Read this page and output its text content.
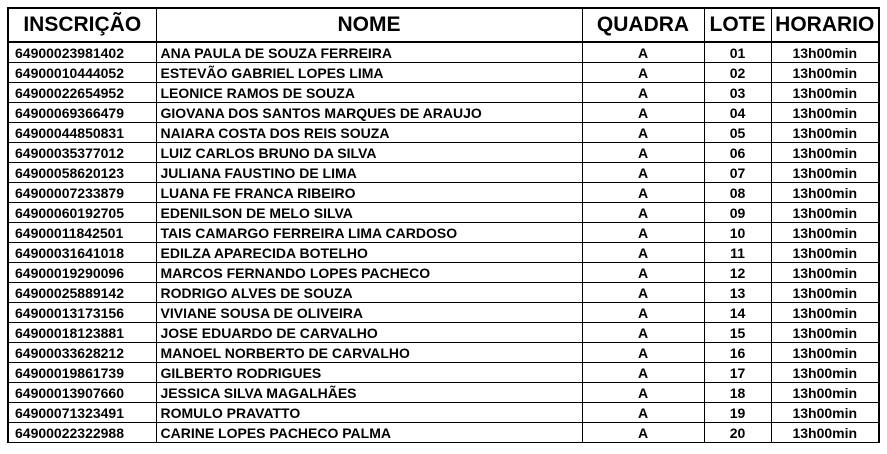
INSCRIÇÃO	NOME	QUADRA	LOTE	HORARIO
64900023981402	ANA PAULA DE SOUZA FERREIRA	A	01	13h00min
64900010444052	ESTEVÃO GABRIEL LOPES LIMA	A	02	13h00min
64900022654952	LEONICE RAMOS DE SOUZA	A	03	13h00min
64900069366479	GIOVANA DOS SANTOS MARQUES DE ARAUJO	A	04	13h00min
64900044850831	NAIARA COSTA DOS REIS SOUZA	A	05	13h00min
64900035377012	LUIZ CARLOS BRUNO DA SILVA	A	06	13h00min
64900058620123	JULIANA FAUSTINO DE LIMA	A	07	13h00min
64900007233879	LUANA FE FRANCA RIBEIRO	A	08	13h00min
64900060192705	EDENILSON DE MELO SILVA	A	09	13h00min
64900011842501	TAIS CAMARGO FERREIRA LIMA CARDOSO	A	10	13h00min
64900031641018	EDILZA APARECIDA BOTELHO	A	11	13h00min
64900019290096	MARCOS FERNANDO LOPES PACHECO	A	12	13h00min
64900025889142	RODRIGO ALVES DE SOUZA	A	13	13h00min
64900013173156	VIVIANE SOUSA DE OLIVEIRA	A	14	13h00min
64900018123881	JOSE EDUARDO DE CARVALHO	A	15	13h00min
64900033628212	MANOEL NORBERTO DE CARVALHO	A	16	13h00min
64900019861739	GILBERTO RODRIGUES	A	17	13h00min
64900013907660	JESSICA SILVA MAGALHÃES	A	18	13h00min
64900071323491	ROMULO PRAVATTO	A	19	13h00min
64900022322988	CARINE LOPES PACHECO PALMA	A	20	13h00min
